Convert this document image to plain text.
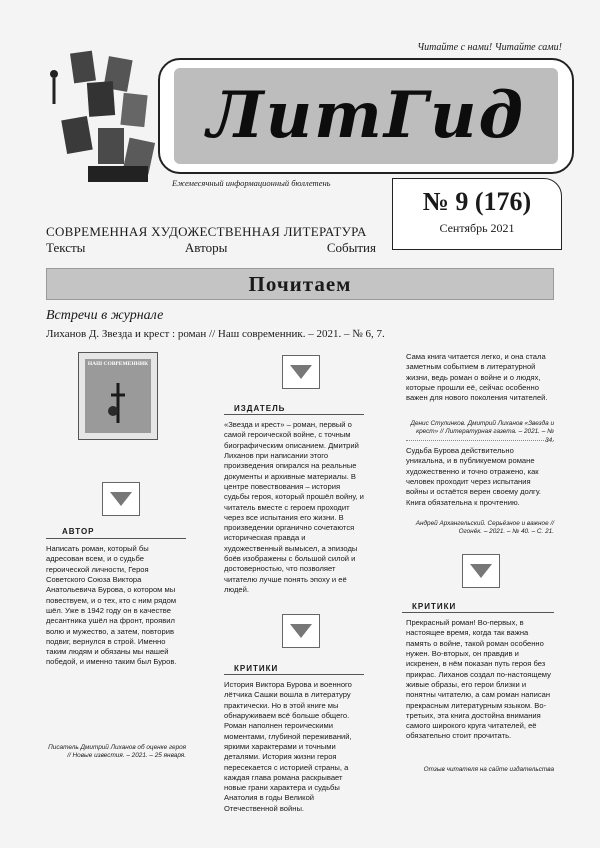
Читайте с нами! Читайте сами!
ЛитГид
Ежемесячный информационный бюллетень
№ 9 (176)
Сентябрь 2021
СОВРЕМЕННАЯ ХУДОЖЕСТВЕННАЯ ЛИТЕРАТУРА
Тексты	Авторы	События
Почитаем
Встречи в журнале
Лиханов Д. Звезда и крест : роман // Наш современник. – 2021. – № 6, 7.
НАШ СОВРЕМЕННИК
АВТОР
Написать роман, который бы адресован всем, и о судьбе героической личности, Героя Советского Союза Виктора Анатольевича Бурова, о котором мы повествуем, и о тех, кто с ним рядом шёл. Уже в 1942 году он в качестве десантника ушёл на фронт, проявил волю и мужество, а затем, повторив подвиг, вернулся в строй. Именно таким людям и обязаны мы нашей победой, и именно таким был Буров.
Писатель Дмитрий Лиханов об оценке героя // Новые известия. – 2021. – 25 января.
ИЗДАТЕЛЬ
«Звезда и крест» – роман, первый о самой героической войне, с точным биографическим описанием. Дмитрий Лиханов при написании этого произведения опирался на реальные документы и архивные материалы. В центре повествования – история судьбы героя, который прошёл войну, и читатель вместе с героем проходит через все испытания его жизни. В произведении органично сочетаются историческая правда и художественный вымысел, а эпизоды боёв изображены с большой силой и достоверностью, что позволяет читателю лучше понять эпоху и её людей.
КРИТИКИ
История Виктора Бурова и военного лётчика Сашки вошла в литературу практически. Но в этой книге мы обнаруживаем всё больше общего. Роман наполнен героическими моментами, глубиной переживаний, яркими характерами и точными деталями. История жизни героя пересекается с историей страны, а каждая глава романа раскрывает новые грани характера и судьбы Анатолия в годы Великой Отечественной войны.
Сама книга читается легко, и она стала заметным событием в литературной жизни, ведь роман о войне и о людях, которые прошли её, сейчас особенно важен для нового поколения читателей.
Денис Стулинков. Дмитрий Лиханов «Звезда и крест» // Литературная газета. – 2021. – № 34.
Судьба Бурова действительно уникальна, и в публикуемом романе художественно и точно отражено, как человек проходит через испытания войны и остаётся верен своему долгу. Книга обязательна к прочтению.
Андрей Архангельский. Серьёзное и важное // Огонёк. – 2021. – № 40. – С. 21.
КРИТИКИ
Прекрасный роман! Во-первых, в настоящее время, когда так важна память о войне, такой роман особенно нужен. Во-вторых, он правдив и искренен, в нём показан путь героя без прикрас. Лиханов создал по-настоящему живые образы, его герои близки и понятны читателю, а сам роман написан прекрасным литературным языком. Во-третьих, эта книга достойна внимания самого широкого круга читателей, её обязательно стоит прочитать.
Отзыв читателя на сайте издательства
